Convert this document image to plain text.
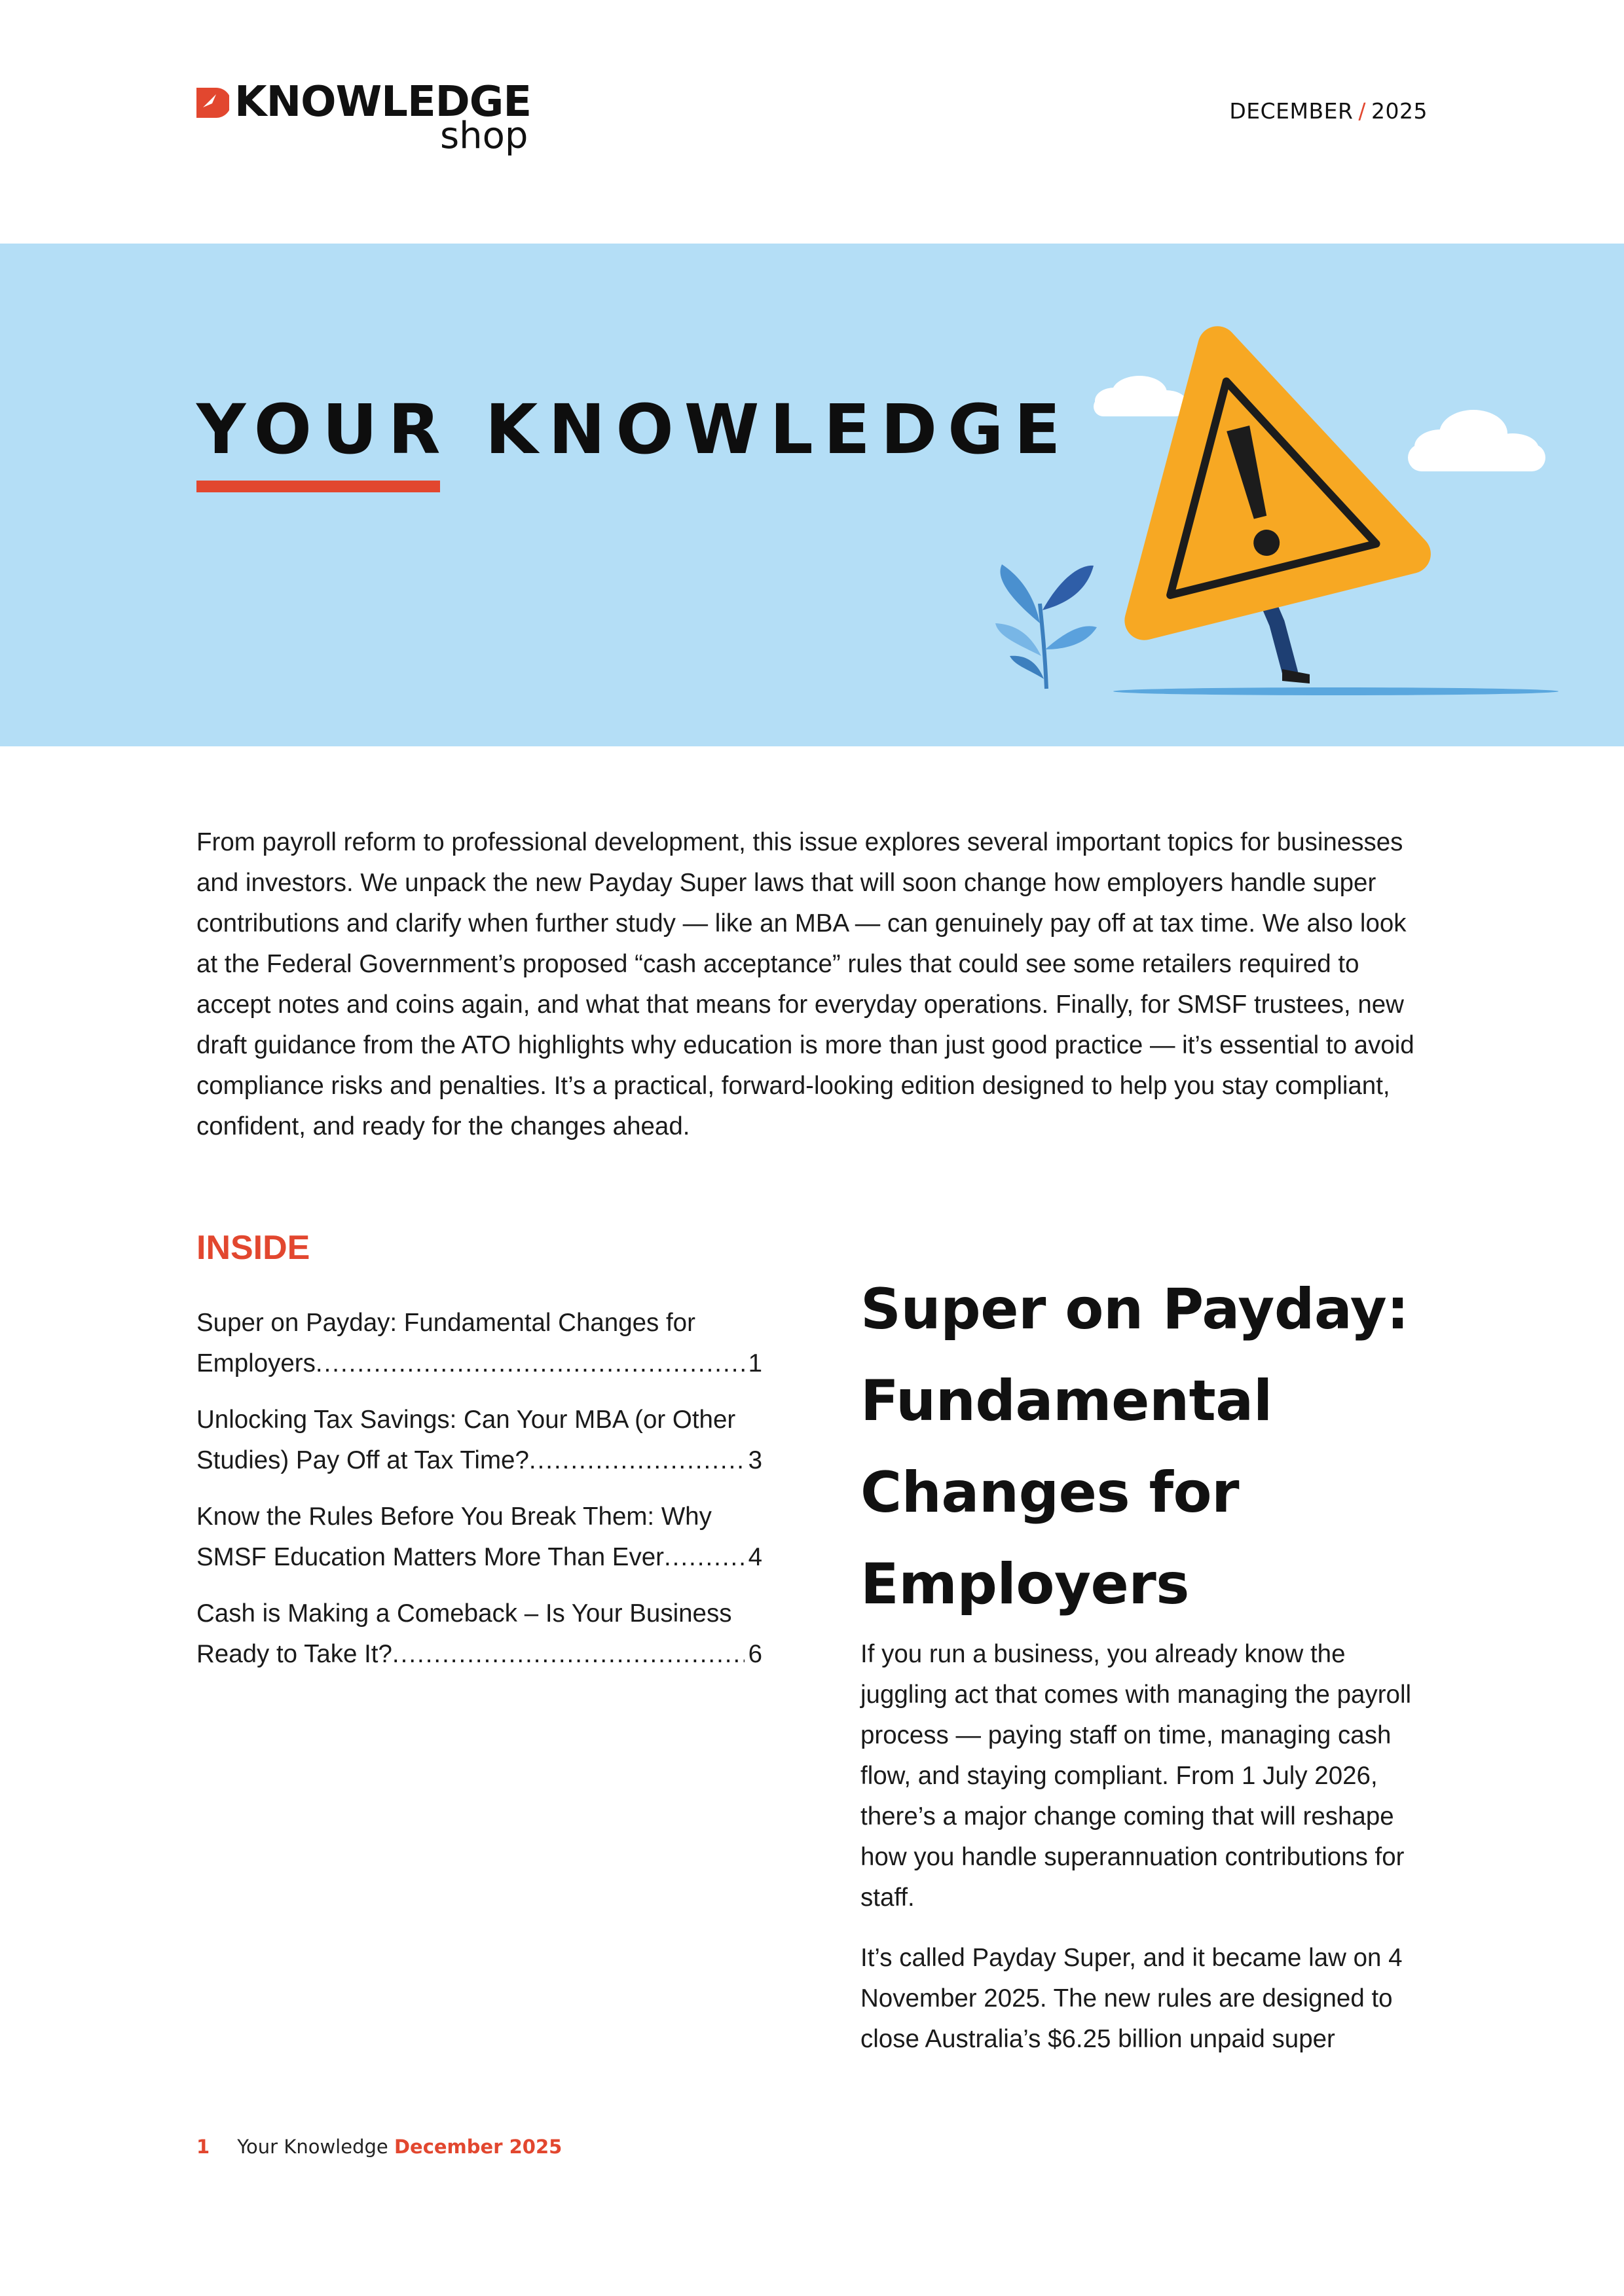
KNOWLEDGE
shop
DECEMBER / 2025
YOUR KNOWLEDGE

From payroll reform to professional development, this issue explores several important topics for businesses and investors. We unpack the new Payday Super laws that will soon change how employers handle super contributions and clarify when further study — like an MBA — can genuinely pay off at tax time. We also look at the Federal Government’s proposed “cash acceptance” rules that could see some retailers required to accept notes and coins again, and what that means for everyday operations. Finally, for SMSF trustees, new draft guidance from the ATO highlights why education is more than just good practice — it’s essential to avoid compliance risks and penalties. It’s a practical, forward-looking edition designed to help you stay compliant, confident, and ready for the changes ahead.

INSIDE
Super on Payday: Fundamental Changes for
Employers .....	1
Unlocking Tax Savings: Can Your MBA (or Other
Studies) Pay Off at Tax Time? .....	3
Know the Rules Before You Break Them: Why
SMSF Education Matters More Than Ever .....	4
Cash is Making a Comeback – Is Your Business
Ready to Take It? .....	6
Super on Payday: Fundamental Changes for Employers

If you run a business, you already know the juggling act that comes with managing the payroll process — paying staff on time, managing cash flow, and staying compliant. From 1 July 2026, there’s a major change coming that will reshape how you handle superannuation contributions for staff.

It’s called Payday Super, and it became law on 4 November 2025. The new rules are designed to close Australia’s $6.25 billion unpaid super

1 Your Knowledge December 2025
